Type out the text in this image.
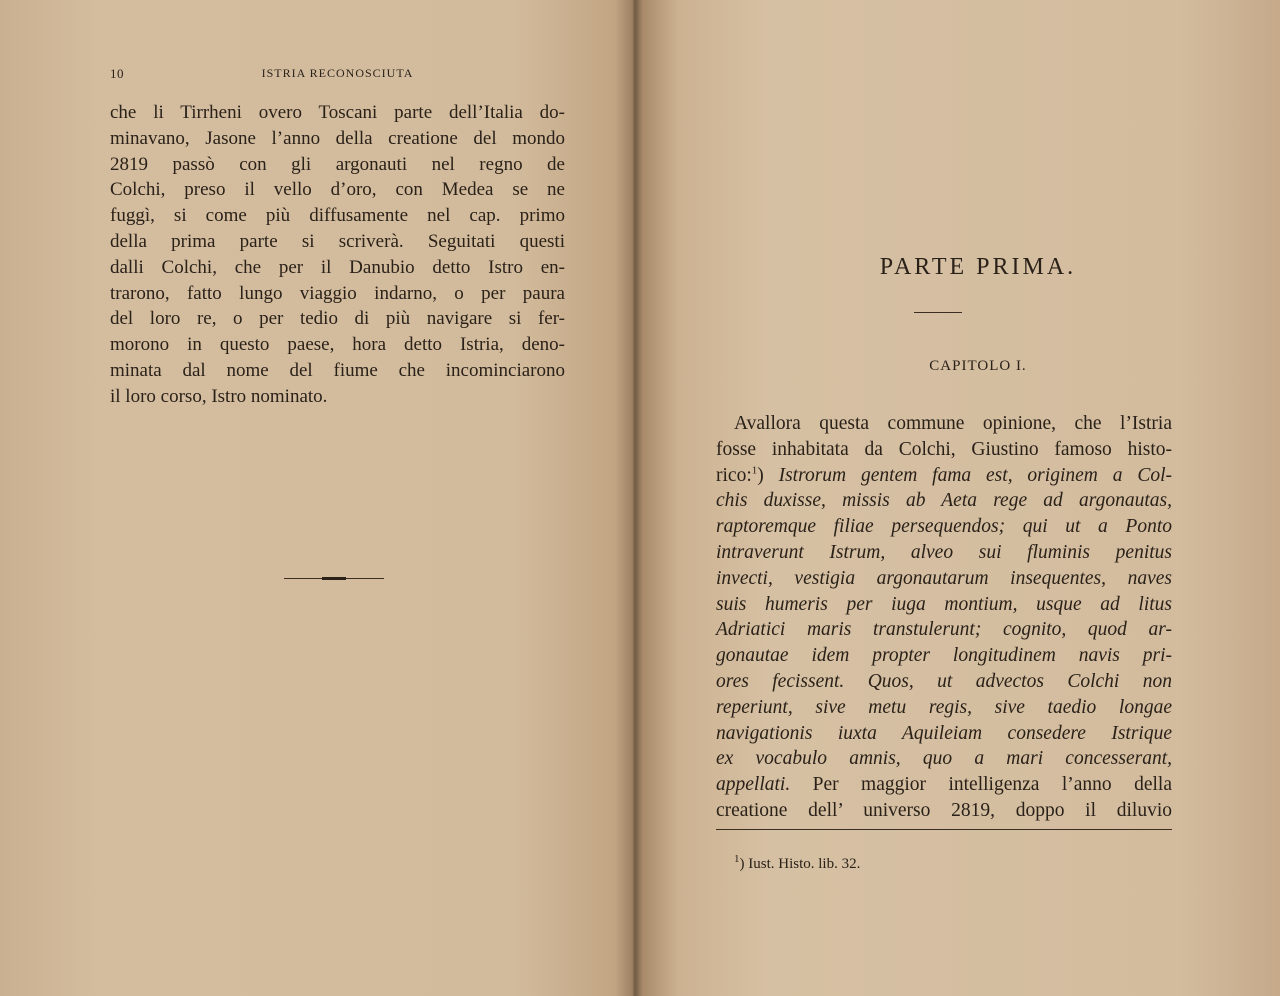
10	ISTRIA RECONOSCIUTA
che li Tirrheni overo Toscani parte dell’Italia do-
minavano, Jasone l’anno della creatione del mondo
2819 passò con gli argonauti nel regno de
Colchi, preso il vello d’oro, con Medea se ne
fuggì, si come più diffusamente nel cap. primo
della prima parte si scriverà. Seguitati questi
dalli Colchi, che per il Danubio detto Istro en-
trarono, fatto lungo viaggio indarno, o per paura
del loro re, o per tedio di più navigare si fer-
morono in questo paese, hora detto Istria, deno-
minata dal nome del fiume che incominciarono
il loro corso, Istro nominato.
PARTE PRIMA.
CAPITOLO I.
Avallora questa commune opinione, che l’Istria
fosse inhabitata da Colchi, Giustino famoso histo-
rico:$^1$) Istrorum gentem fama est, originem a Col-
chis duxisse, missis ab Aeta rege ad argonautas,
raptoremque filiae persequendos; qui ut a Ponto
intraverunt Istrum, alveo sui fluminis penitus
invecti, vestigia argonautarum insequentes, naves
suis humeris per iuga montium, usque ad litus
Adriatici maris transtulerunt; cognito, quod ar-
gonautae idem propter longitudinem navis pri-
ores fecissent. Quos, ut advectos Colchi non
reperiunt, sive metu regis, sive taedio longae
navigationis iuxta Aquileiam consedere Istrique
ex vocabulo amnis, quo a mari concesserant,
appellati. Per maggior intelligenza l’anno della
creatione dell’ universo 2819, doppo il diluvio
$^1$) Iust. Histo. lib. 32.
